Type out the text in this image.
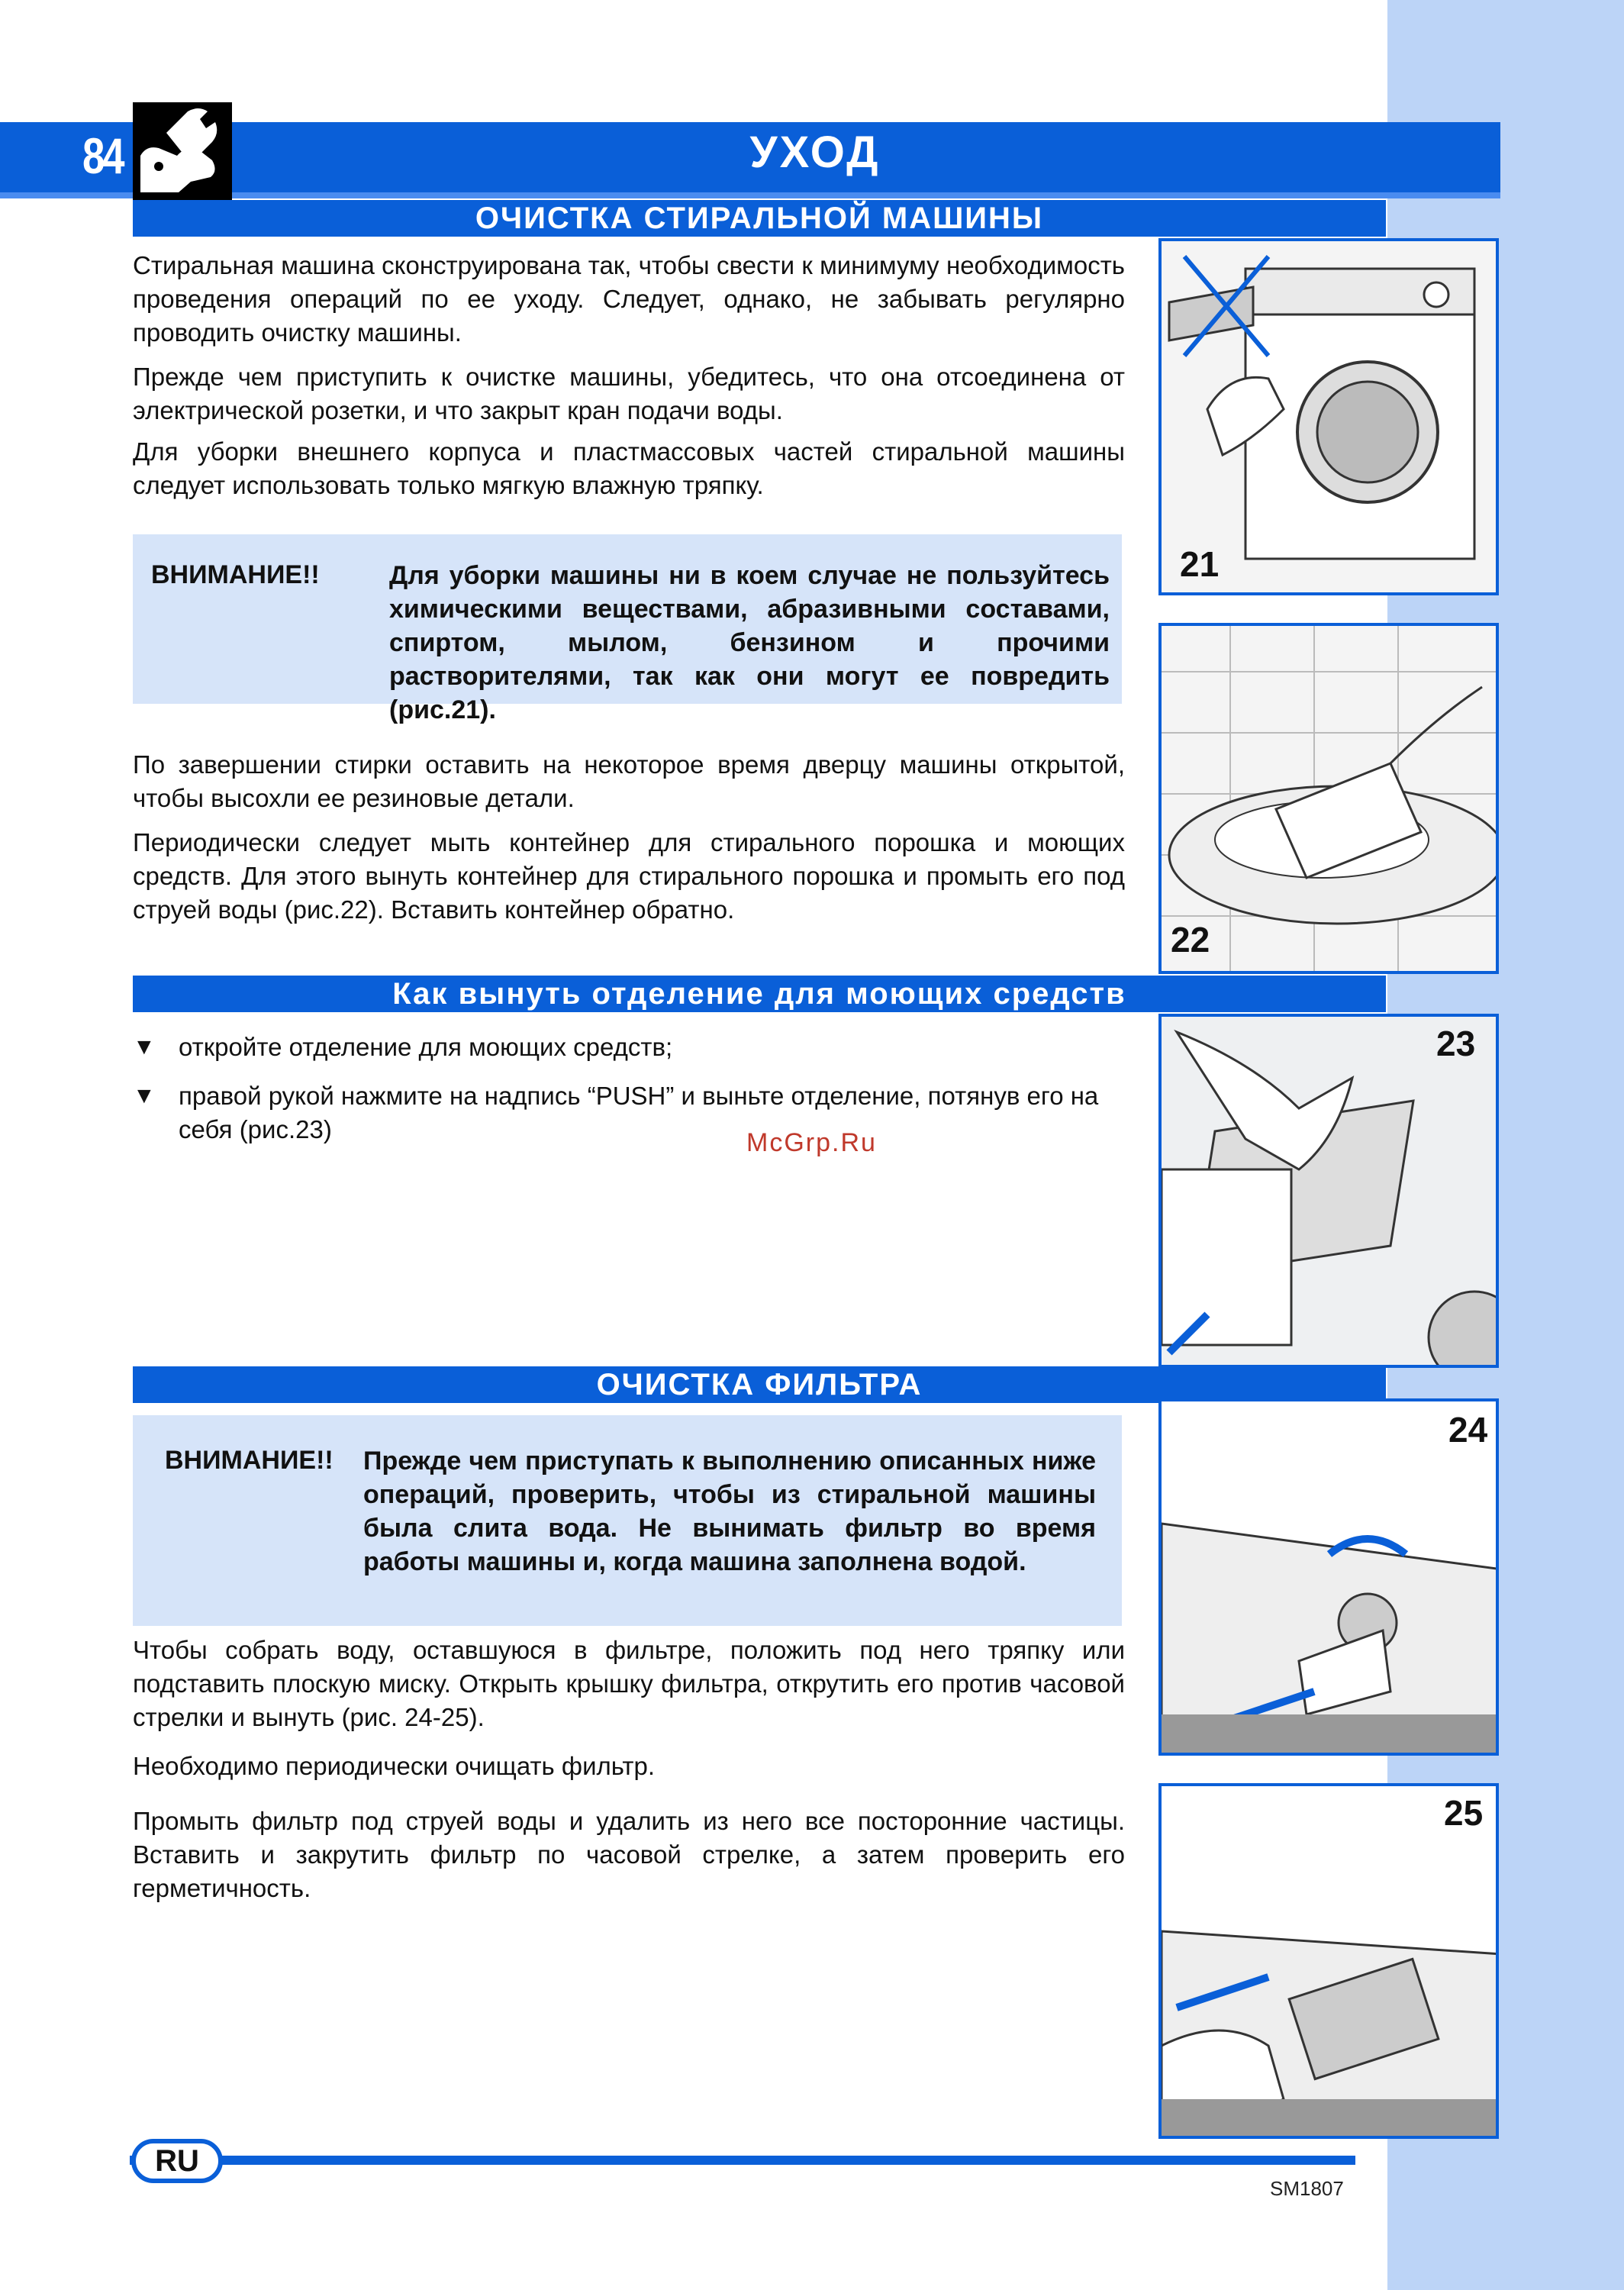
84	УХОД
ОЧИСТКА СТИРАЛЬНОЙ МАШИНЫ
Стиральная машина сконструирована так, чтобы свести к минимуму необходимость проведения операций по ее уходу. Следует, однако, не забывать регулярно проводить очистку машины.
Прежде чем приступить к очистке машины, убедитесь, что она отсоединена от электрической розетки, и что закрыт кран подачи воды.
Для уборки внешнего корпуса и пластмассовых частей стиральной машины следует использовать только мягкую влажную тряпку.
ВНИМАНИЕ!!	Для уборки машины ни в коем случае не пользуйтесь химическими веществами, абразивными составами, спиртом, мылом, бензином и прочими растворителями, так как они могут ее повредить (рис.21).
По завершении стирки оставить на некоторое время дверцу машины открытой, чтобы высохли ее резиновые детали.
Периодически следует мыть контейнер для стирального порошка и моющих средств. Для этого вынуть контейнер для стирального порошка и промыть его под струей воды (рис.22). Вставить контейнер обратно.
Как вынуть отделение для моющих средств
▼ откройте отделение для моющих средств;
▼ правой рукой нажмите на надпись “PUSH” и выньте отделение, потянув его на себя (рис.23)	McGrp.Ru
ОЧИСТКА ФИЛЬТРА
ВНИМАНИЕ!! Прежде чем приступать к выполнению описанных ниже операций, проверить, чтобы из стиральной машины была слита вода. Не вынимать фильтр во время работы машины и, когда машина заполнена водой.
Чтобы собрать воду, оставшуюся в фильтре, положить под него тряпку или подставить плоскую миску. Открыть крышку фильтра, открутить его против часовой стрелки и вынуть (рис. 24-25).
Необходимо периодически очищать фильтр.
Промыть фильтр под струей воды и удалить из него все посторонние частицы. Вставить и закрутить фильтр по часовой стрелке, а затем проверить его герметичность.
21
22
23
24
25
RU
SM1807
